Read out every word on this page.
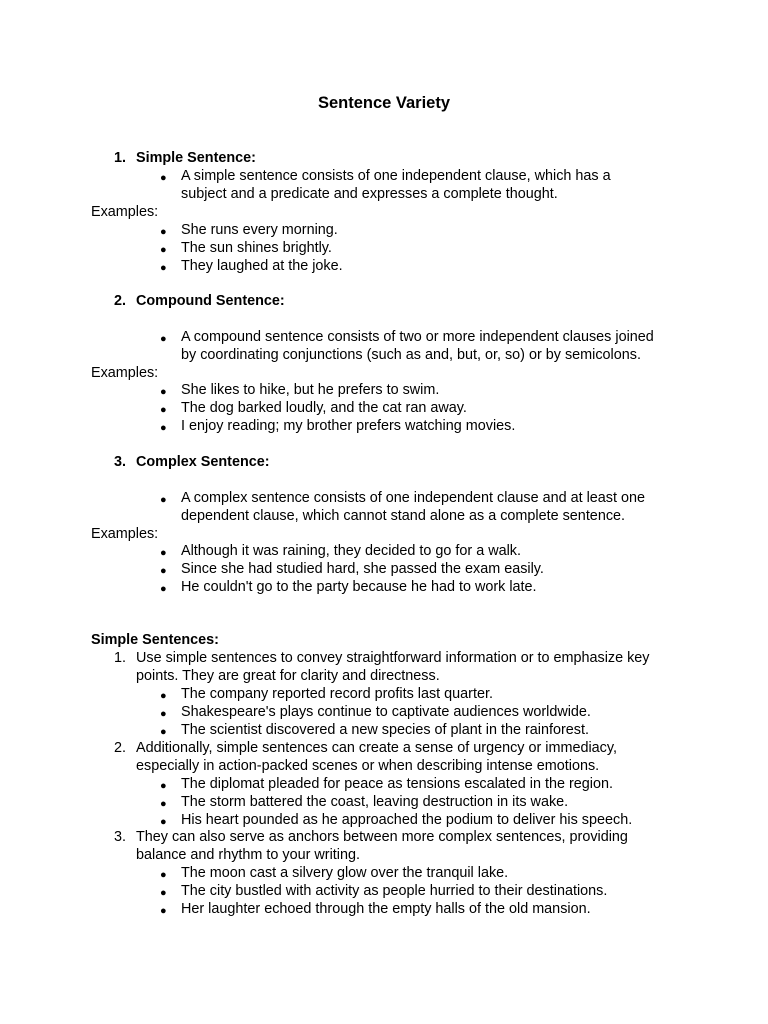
Sentence Variety
1. Simple Sentence:
● A simple sentence consists of one independent clause, which has a
subject and a predicate and expresses a complete thought.
Examples:
● She runs every morning.
● The sun shines brightly.
● They laughed at the joke.
2. Compound Sentence:
● A compound sentence consists of two or more independent clauses joined
by coordinating conjunctions (such as and, but, or, so) or by semicolons.
Examples:
● She likes to hike, but he prefers to swim.
● The dog barked loudly, and the cat ran away.
● I enjoy reading; my brother prefers watching movies.
3. Complex Sentence:
● A complex sentence consists of one independent clause and at least one
dependent clause, which cannot stand alone as a complete sentence.
Examples:
● Although it was raining, they decided to go for a walk.
● Since she had studied hard, she passed the exam easily.
● He couldn't go to the party because he had to work late.
Simple Sentences:
1. Use simple sentences to convey straightforward information or to emphasize key
points. They are great for clarity and directness.
● The company reported record profits last quarter.
● Shakespeare's plays continue to captivate audiences worldwide.
● The scientist discovered a new species of plant in the rainforest.
2. Additionally, simple sentences can create a sense of urgency or immediacy,
especially in action-packed scenes or when describing intense emotions.
● The diplomat pleaded for peace as tensions escalated in the region.
● The storm battered the coast, leaving destruction in its wake.
● His heart pounded as he approached the podium to deliver his speech.
3. They can also serve as anchors between more complex sentences, providing
balance and rhythm to your writing.
● The moon cast a silvery glow over the tranquil lake.
● The city bustled with activity as people hurried to their destinations.
● Her laughter echoed through the empty halls of the old mansion.
